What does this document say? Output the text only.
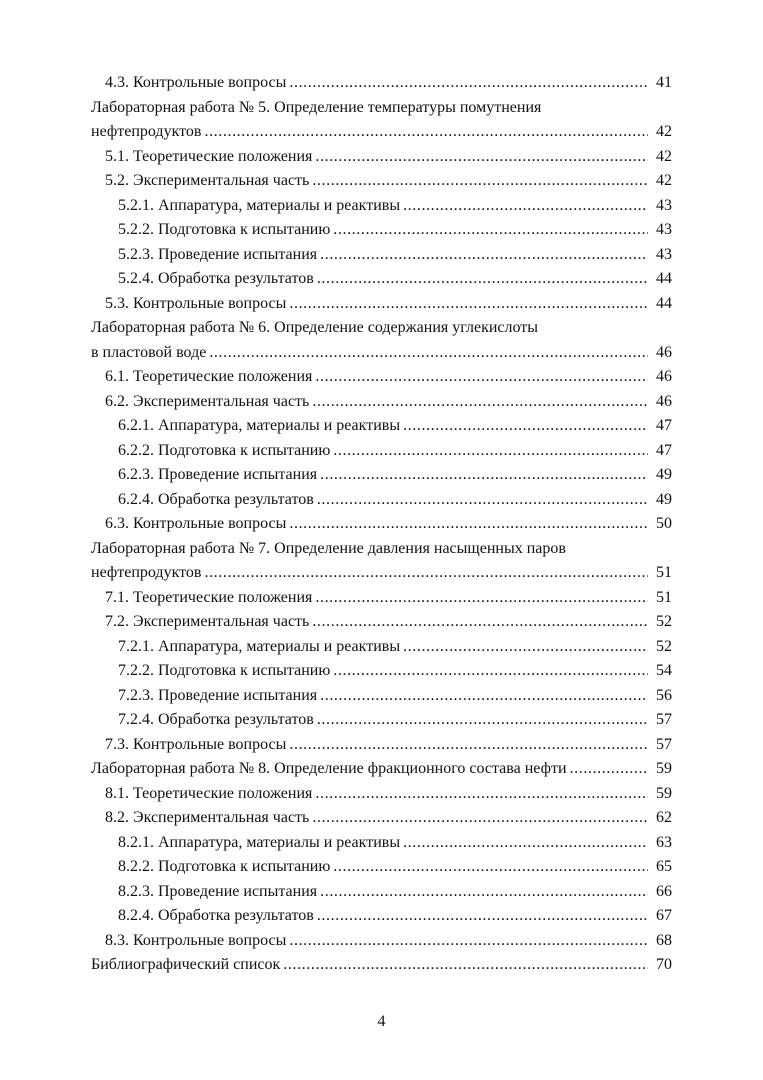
4.3. Контрольные вопросы . . .	41
Лабораторная работа № 5. Определение температуры помутнения
нефтепродуктов . . .	42
5.1. Теоретические положения . . .	42
5.2. Экспериментальная часть . . .	42
5.2.1. Аппаратура, материалы и реактивы . . .	43
5.2.2. Подготовка к испытанию . . .	43
5.2.3. Проведение испытания . . .	43
5.2.4. Обработка результатов . . .	44
5.3. Контрольные вопросы . . .	44
Лабораторная работа № 6. Определение содержания углекислоты
в пластовой воде . . .	46
6.1. Теоретические положения . . .	46
6.2. Экспериментальная часть . . .	46
6.2.1. Аппаратура, материалы и реактивы . . .	47
6.2.2. Подготовка к испытанию . . .	47
6.2.3. Проведение испытания . . .	49
6.2.4. Обработка результатов . . .	49
6.3. Контрольные вопросы . . .	50
Лабораторная работа № 7. Определение давления насыщенных паров
нефтепродуктов . . .	51
7.1. Теоретические положения . . .	51
7.2. Экспериментальная часть . . .	52
7.2.1. Аппаратура, материалы и реактивы . . .	52
7.2.2. Подготовка к испытанию . . .	54
7.2.3. Проведение испытания . . .	56
7.2.4. Обработка результатов . . .	57
7.3. Контрольные вопросы . . .	57
Лабораторная работа № 8. Определение фракционного состава нефти . . .	59
8.1. Теоретические положения . . .	59
8.2. Экспериментальная часть . . .	62
8.2.1. Аппаратура, материалы и реактивы . . .	63
8.2.2. Подготовка к испытанию . . .	65
8.2.3. Проведение испытания . . .	66
8.2.4. Обработка результатов . . .	67
8.3. Контрольные вопросы . . .	68
Библиографический список . . .	70
4
